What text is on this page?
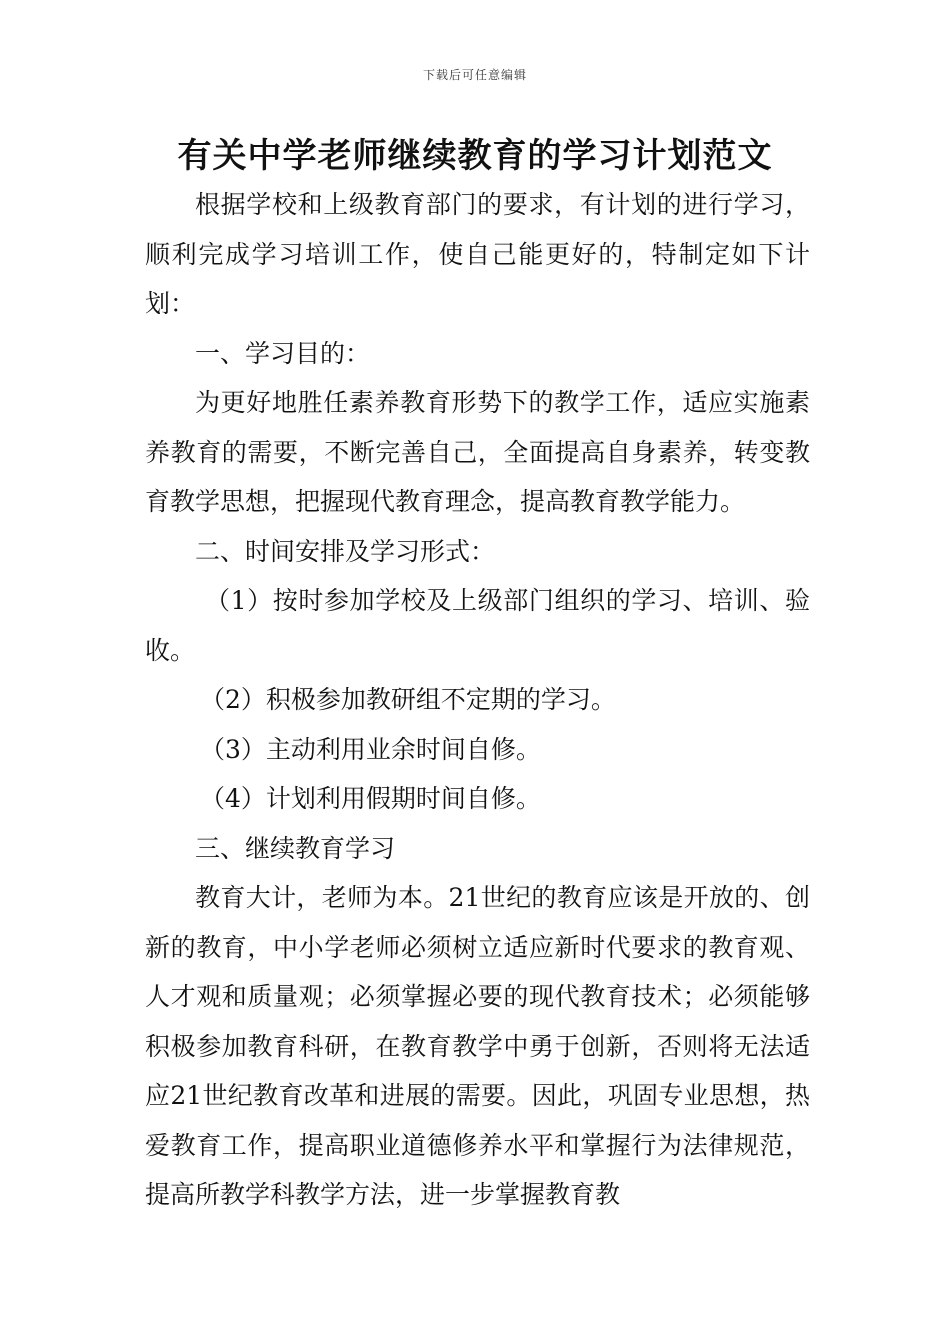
下载后可任意编辑
有关中学老师继续教育的学习计划范文

根据学校和上级教育部门的要求，有计划的进行学习，顺利完成学习培训工作，使自己能更好的，特制定如下计划：

一、学习目的：

为更好地胜任素养教育形势下的教学工作，适应实施素养教育的需要，不断完善自己，全面提高自身素养，转变教育教学思想，把握现代教育理念，提高教育教学能力。

二、时间安排及学习形式：

（1）按时参加学校及上级部门组织的学习、培训、验收。

（2）积极参加教研组不定期的学习。

（3）主动利用业余时间自修。

（4）计划利用假期时间自修。

三、继续教育学习

教育大计，老师为本。21世纪的教育应该是开放的、创新的教育，中小学老师必须树立适应新时代要求的教育观、人才观和质量观；必须掌握必要的现代教育技术；必须能够积极参加教育科研，在教育教学中勇于创新，否则将无法适应21世纪教育改革和进展的需要。因此，巩固专业思想，热爱教育工作，提高职业道德修养水平和掌握行为法律规范，提高所教学科教学方法，进一步掌握教育教
